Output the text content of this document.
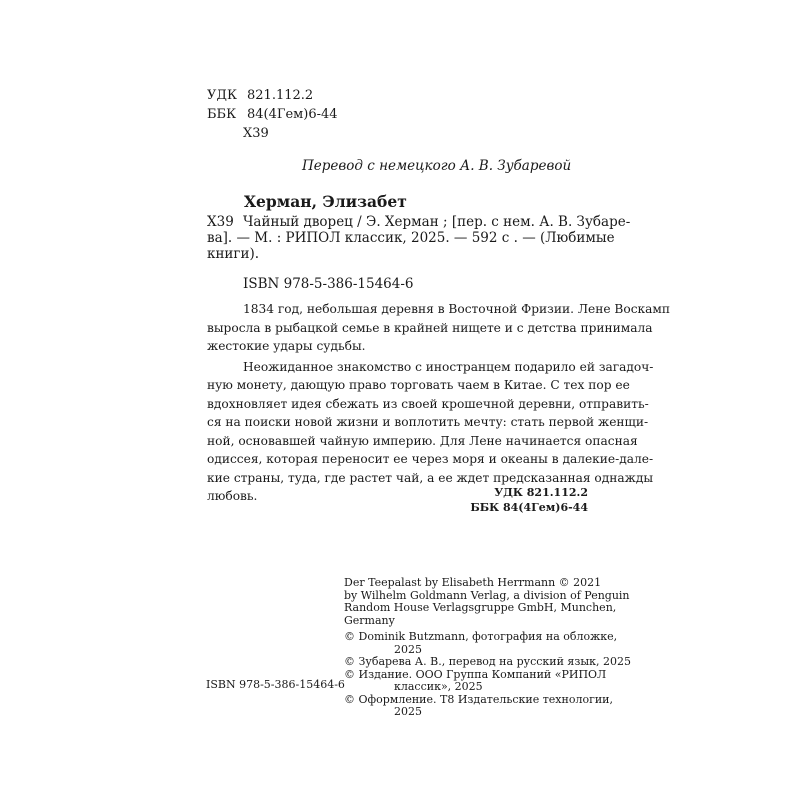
УДК 821.112.2
ББК 84(4Гем)6-44
Х39
Перевод с немецкого А. В. Зубаревой
Херман, Элизабет
Х39 Чайный дворец / Э. Херман ; [пер. с нем. А. В. Зубаре-
ва]. — М. : РИПОЛ классик, 2025. — 592 с . — (Любимые
книги).
ISBN 978-5-386-15464-6
1834 год, небольшая деревня в Восточной Фризии. Лене Воскамп
выросла в рыбацкой семье в крайней нищете и с детства принимала
жестокие удары судьбы.
Неожиданное знакомство с иностранцем подарило ей загадоч-
ную монету, дающую право торговать чаем в Китае. С тех пор ее
вдохновляет идея сбежать из своей крошечной деревни, отправить-
ся на поиски новой жизни и воплотить мечту: стать первой женщи-
ной, основавшей чайную империю. Для Лене начинается опасная
одиссея, которая переносит ее через моря и океаны в далекие-дале-
кие страны, туда, где растет чай, а ее ждет предсказанная однажды
любовь.	УДК 821.112.2
ББК 84(4Гем)6-44
Der Teepalast by Elisabeth Herrmann © 2021
by Wilhelm Goldmann Verlag, a division of Penguin
Random House Verlagsgruppe GmbH, Munchen,
Germany
© Dominik Butzmann, фотография на обложке,
2025
© Зубарева А. В., перевод на русский язык, 2025
© Издание. ООО Группа Компаний «РИПОЛ
классик», 2025
© Оформление. Т8 Издательские технологии,
2025
ISBN 978-5-386-15464-6
